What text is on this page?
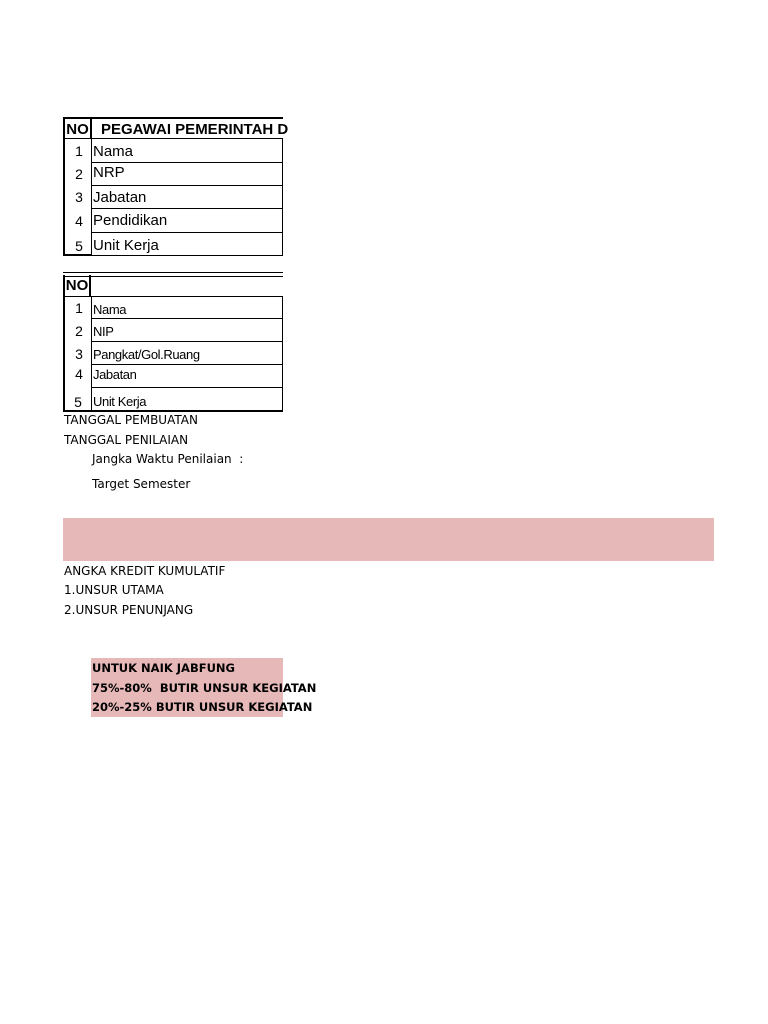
NO PEGAWAI PEMERINTAH D
1 Nama
2 NRP
3 Jabatan
4 Pendidikan
5 Unit Kerja
NO
1 Nama
2 NIP
3 Pangkat/Gol.Ruang
4 Jabatan
5 Unit Kerja
TANGGAL PEMBUATAN
TANGGAL PENILAIAN
Jangka Waktu Penilaian  :
Target Semester
ANGKA KREDIT KUMULATIF
1.UNSUR UTAMA
2.UNSUR PENUNJANG
UNTUK NAIK JABFUNG
75%-80%  BUTIR UNSUR KEGIATAN
20%-25% BUTIR UNSUR KEGIATAN
